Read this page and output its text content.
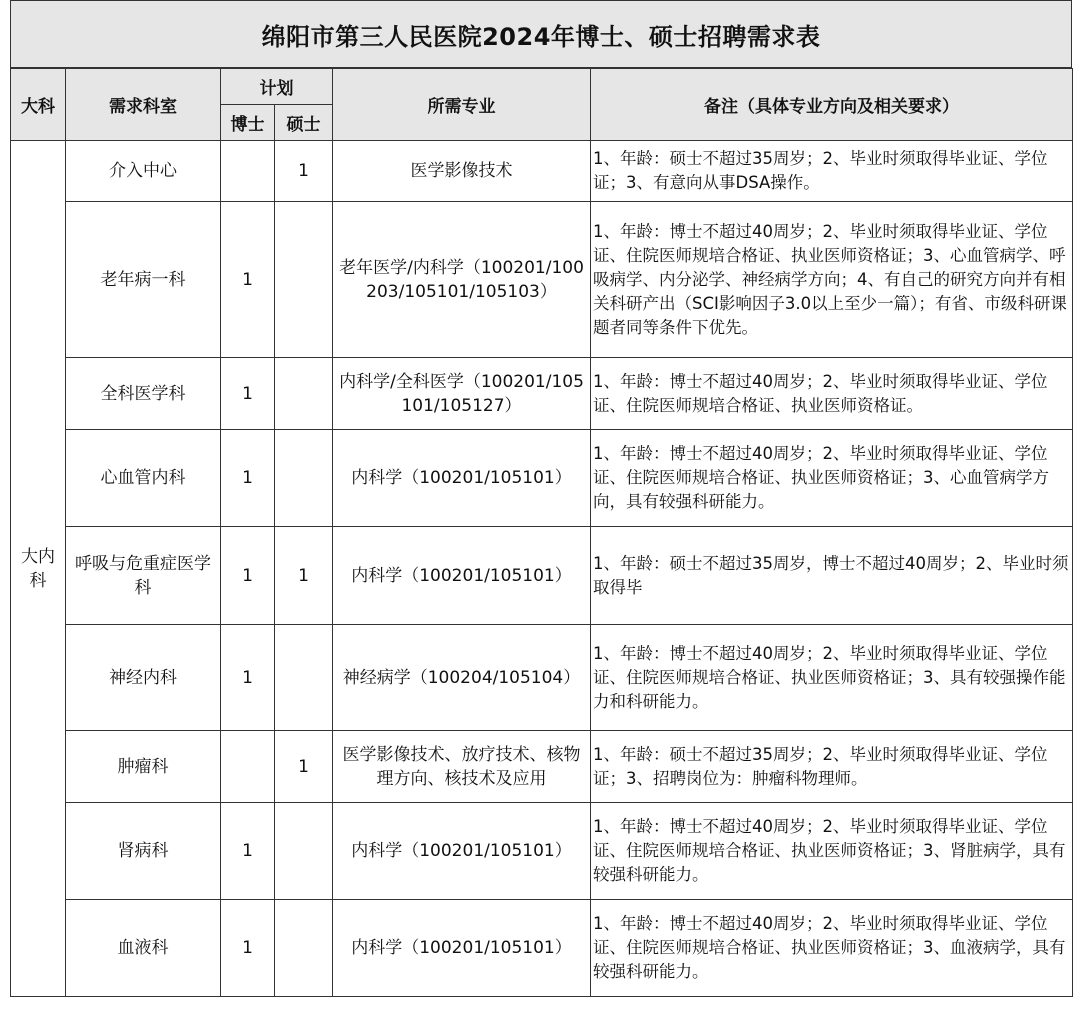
绵阳市第三人民医院2024年博士、硕士招聘需求表
大科	需求科室	计划		所需专业	备注（具体专业方向及相关要求）
		博士	硕士		
大内科	介入中心		1	医学影像技术	1、年龄：硕士不超过35周岁；2、毕业时须取得毕业证、学位证；3、有意向从事DSA操作。
	老年病一科	1		老年医学/内科学（100201/100203/105101/105103）	1、年龄：博士不超过40周岁；2、毕业时须取得毕业证、学位证、住院医师规培合格证、执业医师资格证；3、心血管病学、呼吸病学、内分泌学、神经病学方向；4、有自己的研究方向并有相关科研产出（SCI影响因子3.0以上至少一篇）；有省、市级科研课题者同等条件下优先。
	全科医学科	1		内科学/全科医学（100201/105101/105127）	1、年龄：博士不超过40周岁；2、毕业时须取得毕业证、学位证、住院医师规培合格证、执业医师资格证。
	心血管内科	1		内科学（100201/105101）	1、年龄：博士不超过40周岁；2、毕业时须取得毕业证、学位证、住院医师规培合格证、执业医师资格证；3、心血管病学方向，具有较强科研能力。
	呼吸与危重症医学科	1	1	内科学（100201/105101）	1、年龄：硕士不超过35周岁，博士不超过40周岁；2、毕业时须取得毕
	神经内科	1		神经病学（100204/105104）	1、年龄：博士不超过40周岁；2、毕业时须取得毕业证、学位证、住院医师规培合格证、执业医师资格证；3、具有较强操作能力和科研能力。
	肿瘤科		1	医学影像技术、放疗技术、核物理方向、核技术及应用	1、年龄：硕士不超过35周岁；2、毕业时须取得毕业证、学位证；3、招聘岗位为：肿瘤科物理师。
	肾病科	1		内科学（100201/105101）	1、年龄：博士不超过40周岁；2、毕业时须取得毕业证、学位证、住院医师规培合格证、执业医师资格证；3、肾脏病学，具有较强科研能力。
	血液科	1		内科学（100201/105101）	1、年龄：博士不超过40周岁；2、毕业时须取得毕业证、学位证、住院医师规培合格证、执业医师资格证；3、血液病学，具有较强科研能力。
